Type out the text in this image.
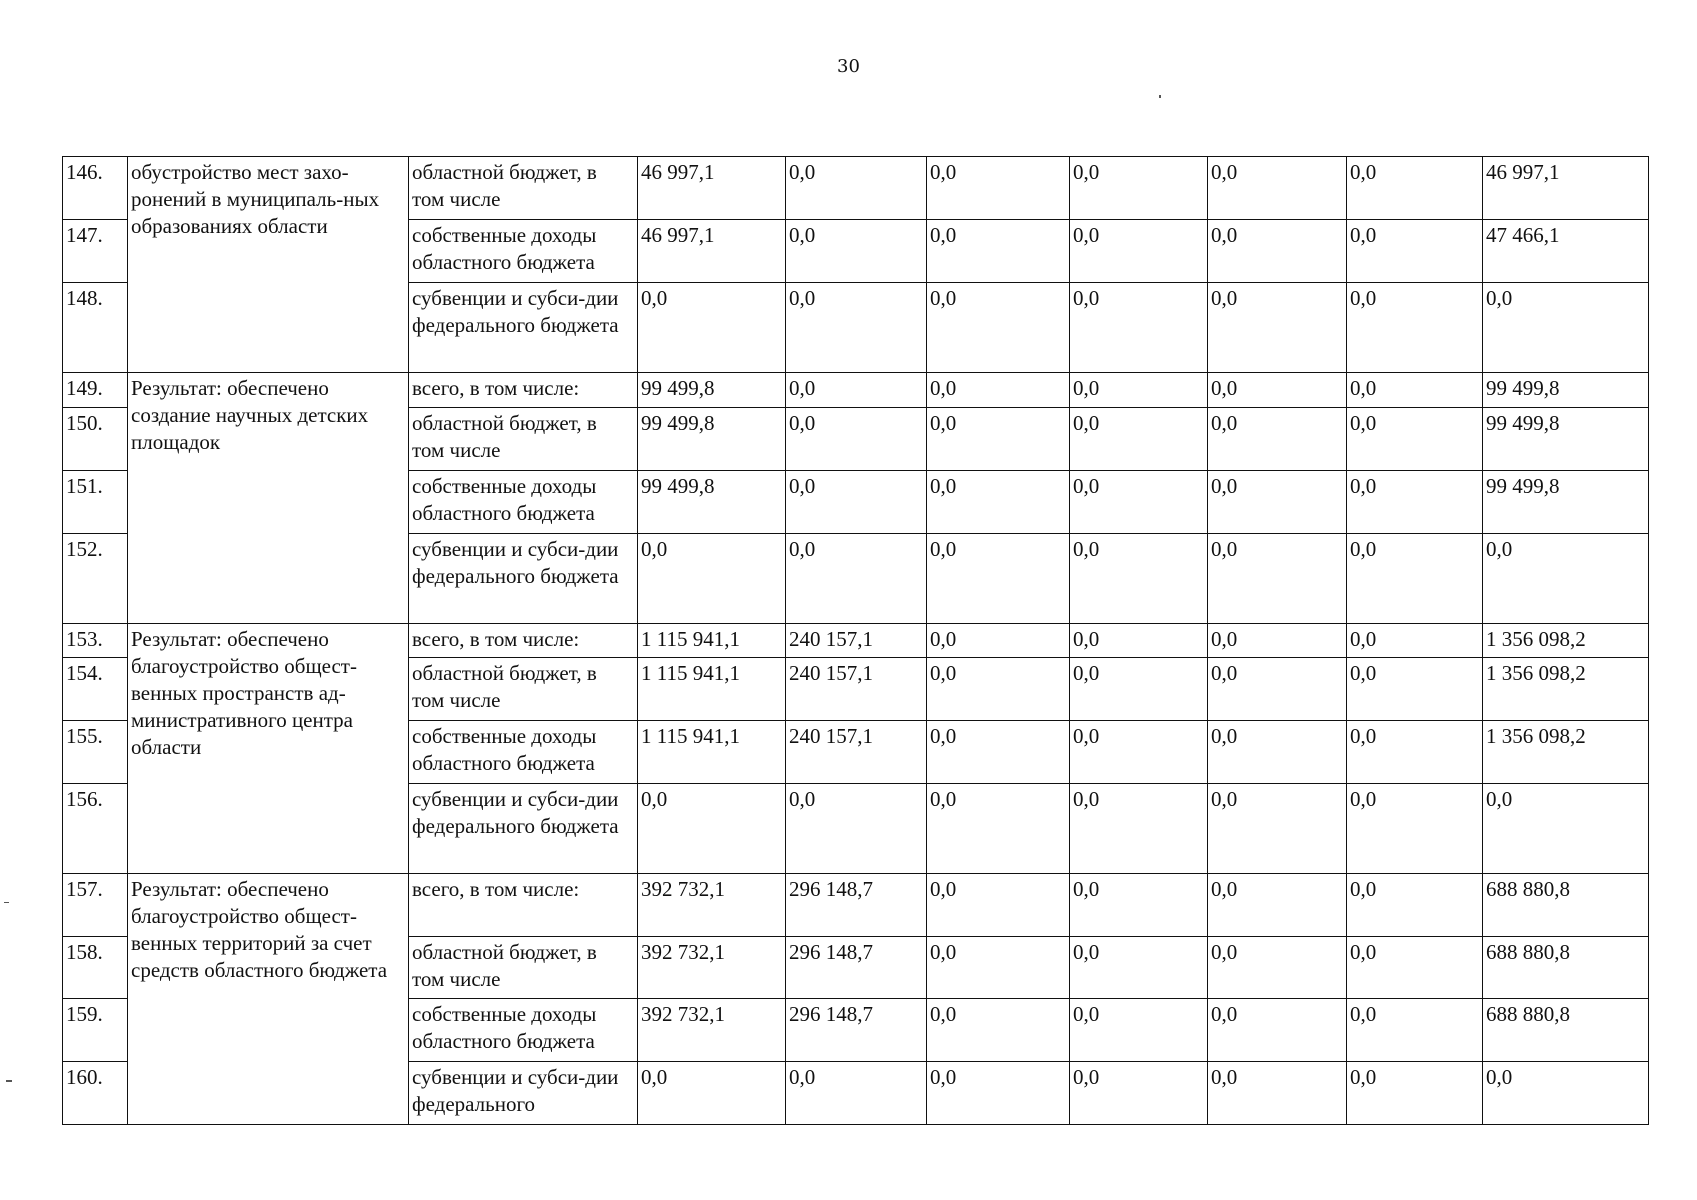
30
146.	обустройство мест захо-ронений в муниципаль-ных образованиях области	областной бюджет, в том числе	46 997,1	0,0	0,0	0,0	0,0	0,0	46 997,1
147.		собственные доходы областного бюджета	46 997,1	0,0	0,0	0,0	0,0	0,0	47 466,1
148.		субвенции и субси-дии федерального бюджета	0,0	0,0	0,0	0,0	0,0	0,0	0,0
149.	Результат: обеспечено создание научных детских площадок	всего, в том числе:	99 499,8	0,0	0,0	0,0	0,0	0,0	99 499,8
150.		областной бюджет, в том числе	99 499,8	0,0	0,0	0,0	0,0	0,0	99 499,8
151.		собственные доходы областного бюджета	99 499,8	0,0	0,0	0,0	0,0	0,0	99 499,8
152.		субвенции и субси-дии федерального бюджета	0,0	0,0	0,0	0,0	0,0	0,0	0,0
153.	Результат: обеспечено благоустройство общест-венных пространств ад-министративного центра области	всего, в том числе:	1 115 941,1	240 157,1	0,0	0,0	0,0	0,0	1 356 098,2
154.		областной бюджет, в том числе	1 115 941,1	240 157,1	0,0	0,0	0,0	0,0	1 356 098,2
155.		собственные доходы областного бюджета	1 115 941,1	240 157,1	0,0	0,0	0,0	0,0	1 356 098,2
156.		субвенции и субси-дии федерального бюджета	0,0	0,0	0,0	0,0	0,0	0,0	0,0
157.	Результат: обеспечено благоустройство общест-венных территорий за счет средств областного бюджета	всего, в том числе:	392 732,1	296 148,7	0,0	0,0	0,0	0,0	688 880,8
158.		областной бюджет, в том числе	392 732,1	296 148,7	0,0	0,0	0,0	0,0	688 880,8
159.		собственные доходы областного бюджета	392 732,1	296 148,7	0,0	0,0	0,0	0,0	688 880,8
160.		субвенции и субси-дии федерального	0,0	0,0	0,0	0,0	0,0	0,0	0,0
